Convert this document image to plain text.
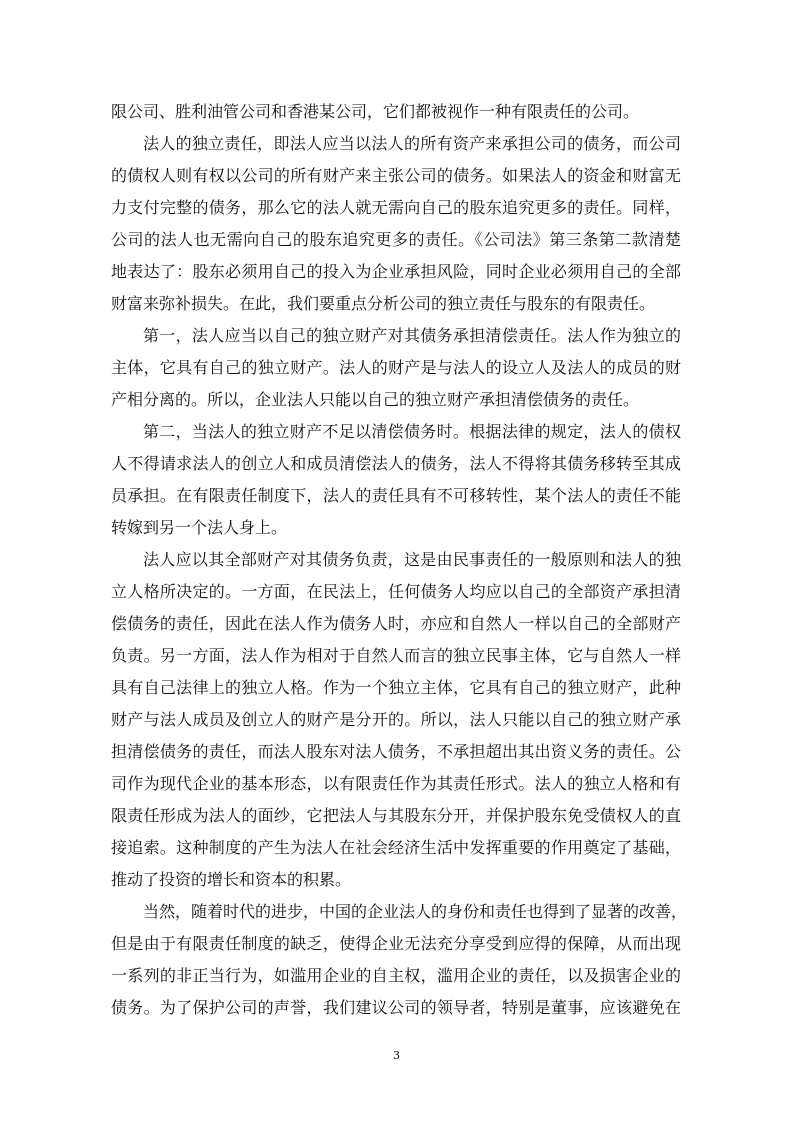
限公司、胜利油管公司和香港某公司，它们都被视作一种有限责任的公司。
法人的独立责任，即法人应当以法人的所有资产来承担公司的债务，而公司
的债权人则有权以公司的所有财产来主张公司的债务。如果法人的资金和财富无
力支付完整的债务，那么它的法人就无需向自己的股东追究更多的责任。同样，
公司的法人也无需向自己的股东追究更多的责任。《公司法》第三条第二款清楚
地表达了：股东必须用自己的投入为企业承担风险，同时企业必须用自己的全部
财富来弥补损失。在此，我们要重点分析公司的独立责任与股东的有限责任。
第一，法人应当以自己的独立财产对其债务承担清偿责任。法人作为独立的
主体，它具有自己的独立财产。法人的财产是与法人的设立人及法人的成员的财
产相分离的。所以，企业法人只能以自己的独立财产承担清偿债务的责任。
第二，当法人的独立财产不足以清偿债务时。根据法律的规定，法人的债权
人不得请求法人的创立人和成员清偿法人的债务，法人不得将其债务移转至其成
员承担。在有限责任制度下，法人的责任具有不可移转性，某个法人的责任不能
转嫁到另一个法人身上。
法人应以其全部财产对其债务负责，这是由民事责任的一般原则和法人的独
立人格所决定的。一方面，在民法上，任何债务人均应以自己的全部资产承担清
偿债务的责任，因此在法人作为债务人时，亦应和自然人一样以自己的全部财产
负责。另一方面，法人作为相对于自然人而言的独立民事主体，它与自然人一样
具有自己法律上的独立人格。作为一个独立主体，它具有自己的独立财产，此种
财产与法人成员及创立人的财产是分开的。所以，法人只能以自己的独立财产承
担清偿债务的责任，而法人股东对法人债务，不承担超出其出资义务的责任。公
司作为现代企业的基本形态，以有限责任作为其责任形式。法人的独立人格和有
限责任形成为法人的面纱，它把法人与其股东分开，并保护股东免受债权人的直
接追索。这种制度的产生为法人在社会经济生活中发挥重要的作用奠定了基础，
推动了投资的增长和资本的积累。
当然，随着时代的进步，中国的企业法人的身份和责任也得到了显著的改善，
但是由于有限责任制度的缺乏，使得企业无法充分享受到应得的保障，从而出现
一系列的非正当行为，如滥用企业的自主权，滥用企业的责任，以及损害企业的
债务。为了保护公司的声誉，我们建议公司的领导者，特别是董事，应该避免在
3
